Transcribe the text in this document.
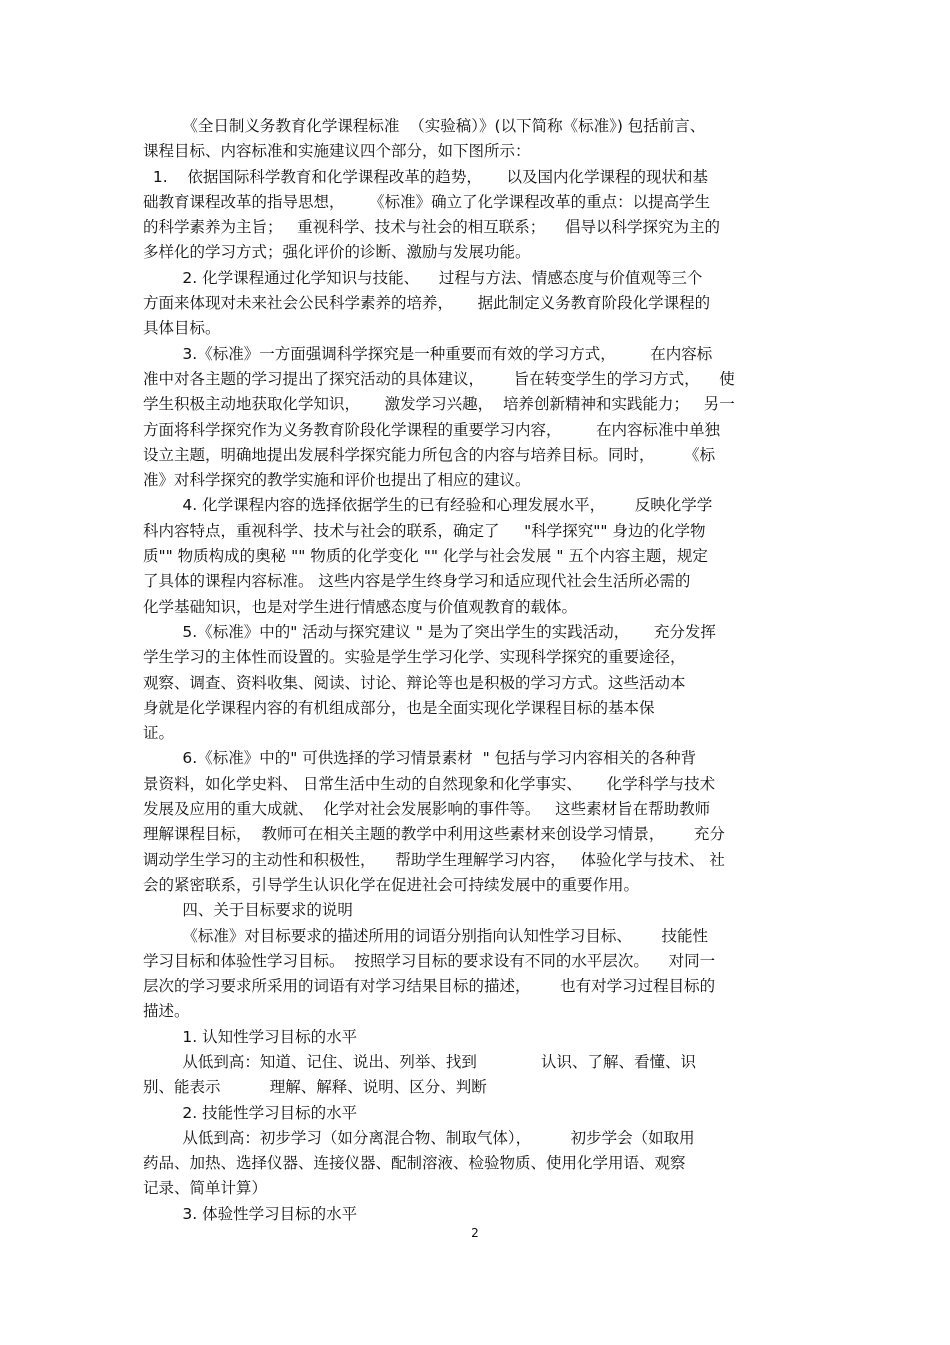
《全日制义务教育化学课程标准  （实验稿）》(以下简称《标准》) 包括前言、
课程目标、内容标准和实施建议四个部分，如下图所示：
1.    依据国际科学教育和化学课程改革的趋势，     以及国内化学课程的现状和基
础教育课程改革的指导思想，     《标准》确立了化学课程改革的重点：以提高学生
的科学素养为主旨；   重视科学、技术与社会的相互联系；    倡导以科学探究为主的
多样化的学习方式；强化评价的诊断、激励与发展功能。
2. 化学课程通过化学知识与技能、    过程与方法、情感态度与价值观等三个
方面来体现对未来社会公民科学素养的培养，     据此制定义务教育阶段化学课程的
具体目标。
3.《标准》一方面强调科学探究是一种重要而有效的学习方式，       在内容标
准中对各主题的学习提出了探究活动的具体建议，      旨在转变学生的学习方式，    使
学生积极主动地获取化学知识，     激发学习兴趣，  培养创新精神和实践能力；   另一
方面将科学探究作为义务教育阶段化学课程的重要学习内容，       在内容标准中单独
设立主题，明确地提出发展科学探究能力所包含的内容与培养目标。同时，      《标
准》对科学探究的教学实施和评价也提出了相应的建议。
4. 化学课程内容的选择依据学生的已有经验和心理发展水平，      反映化学学
科内容特点，重视科学、技术与社会的联系，确定了     "科学探究"" 身边的化学物
质"" 物质构成的奥秘 "" 物质的化学变化 "" 化学与社会发展 " 五个内容主题，规定
了具体的课程内容标准。 这些内容是学生终身学习和适应现代社会生活所必需的
化学基础知识，也是对学生进行情感态度与价值观教育的载体。
5.《标准》中的" 活动与探究建议 " 是为了突出学生的实践活动，     充分发挥
学生学习的主体性而设置的。实验是学生学习化学、实现科学探究的重要途径，
观察、调查、资料收集、阅读、讨论、辩论等也是积极的学习方式。这些活动本
身就是化学课程内容的有机组成部分，也是全面实现化学课程目标的基本保
证。
6.《标准》中的" 可供选择的学习情景素材  " 包括与学习内容相关的各种背
景资料，如化学史料、 日常生活中生动的自然现象和化学事实、     化学科学与技术
发展及应用的重大成就、  化学对社会发展影响的事件等。   这些素材旨在帮助教师
理解课程目标，  教师可在相关主题的教学中利用这些素材来创设学习情景，      充分
调动学生学习的主动性和积极性，    帮助学生理解学习内容，   体验化学与技术、 社
会的紧密联系，引导学生认识化学在促进社会可持续发展中的重要作用。
四、关于目标要求的说明
《标准》对目标要求的描述所用的词语分别指向认知性学习目标、      技能性
学习目标和体验性学习目标。  按照学习目标的要求设有不同的水平层次。    对同一
层次的学习要求所采用的词语有对学习结果目标的描述，      也有对学习过程目标的
描述。
1. 认知性学习目标的水平
从低到高：知道、记住、说出、列举、找到             认识、了解、看懂、识
别、能表示          理解、解释、说明、区分、判断
2. 技能性学习目标的水平
从低到高：初步学习（如分离混合物、制取气体），        初步学会（如取用
药品、加热、选择仪器、连接仪器、配制溶液、检验物质、使用化学用语、观察
记录、简单计算）
3. 体验性学习目标的水平
2
